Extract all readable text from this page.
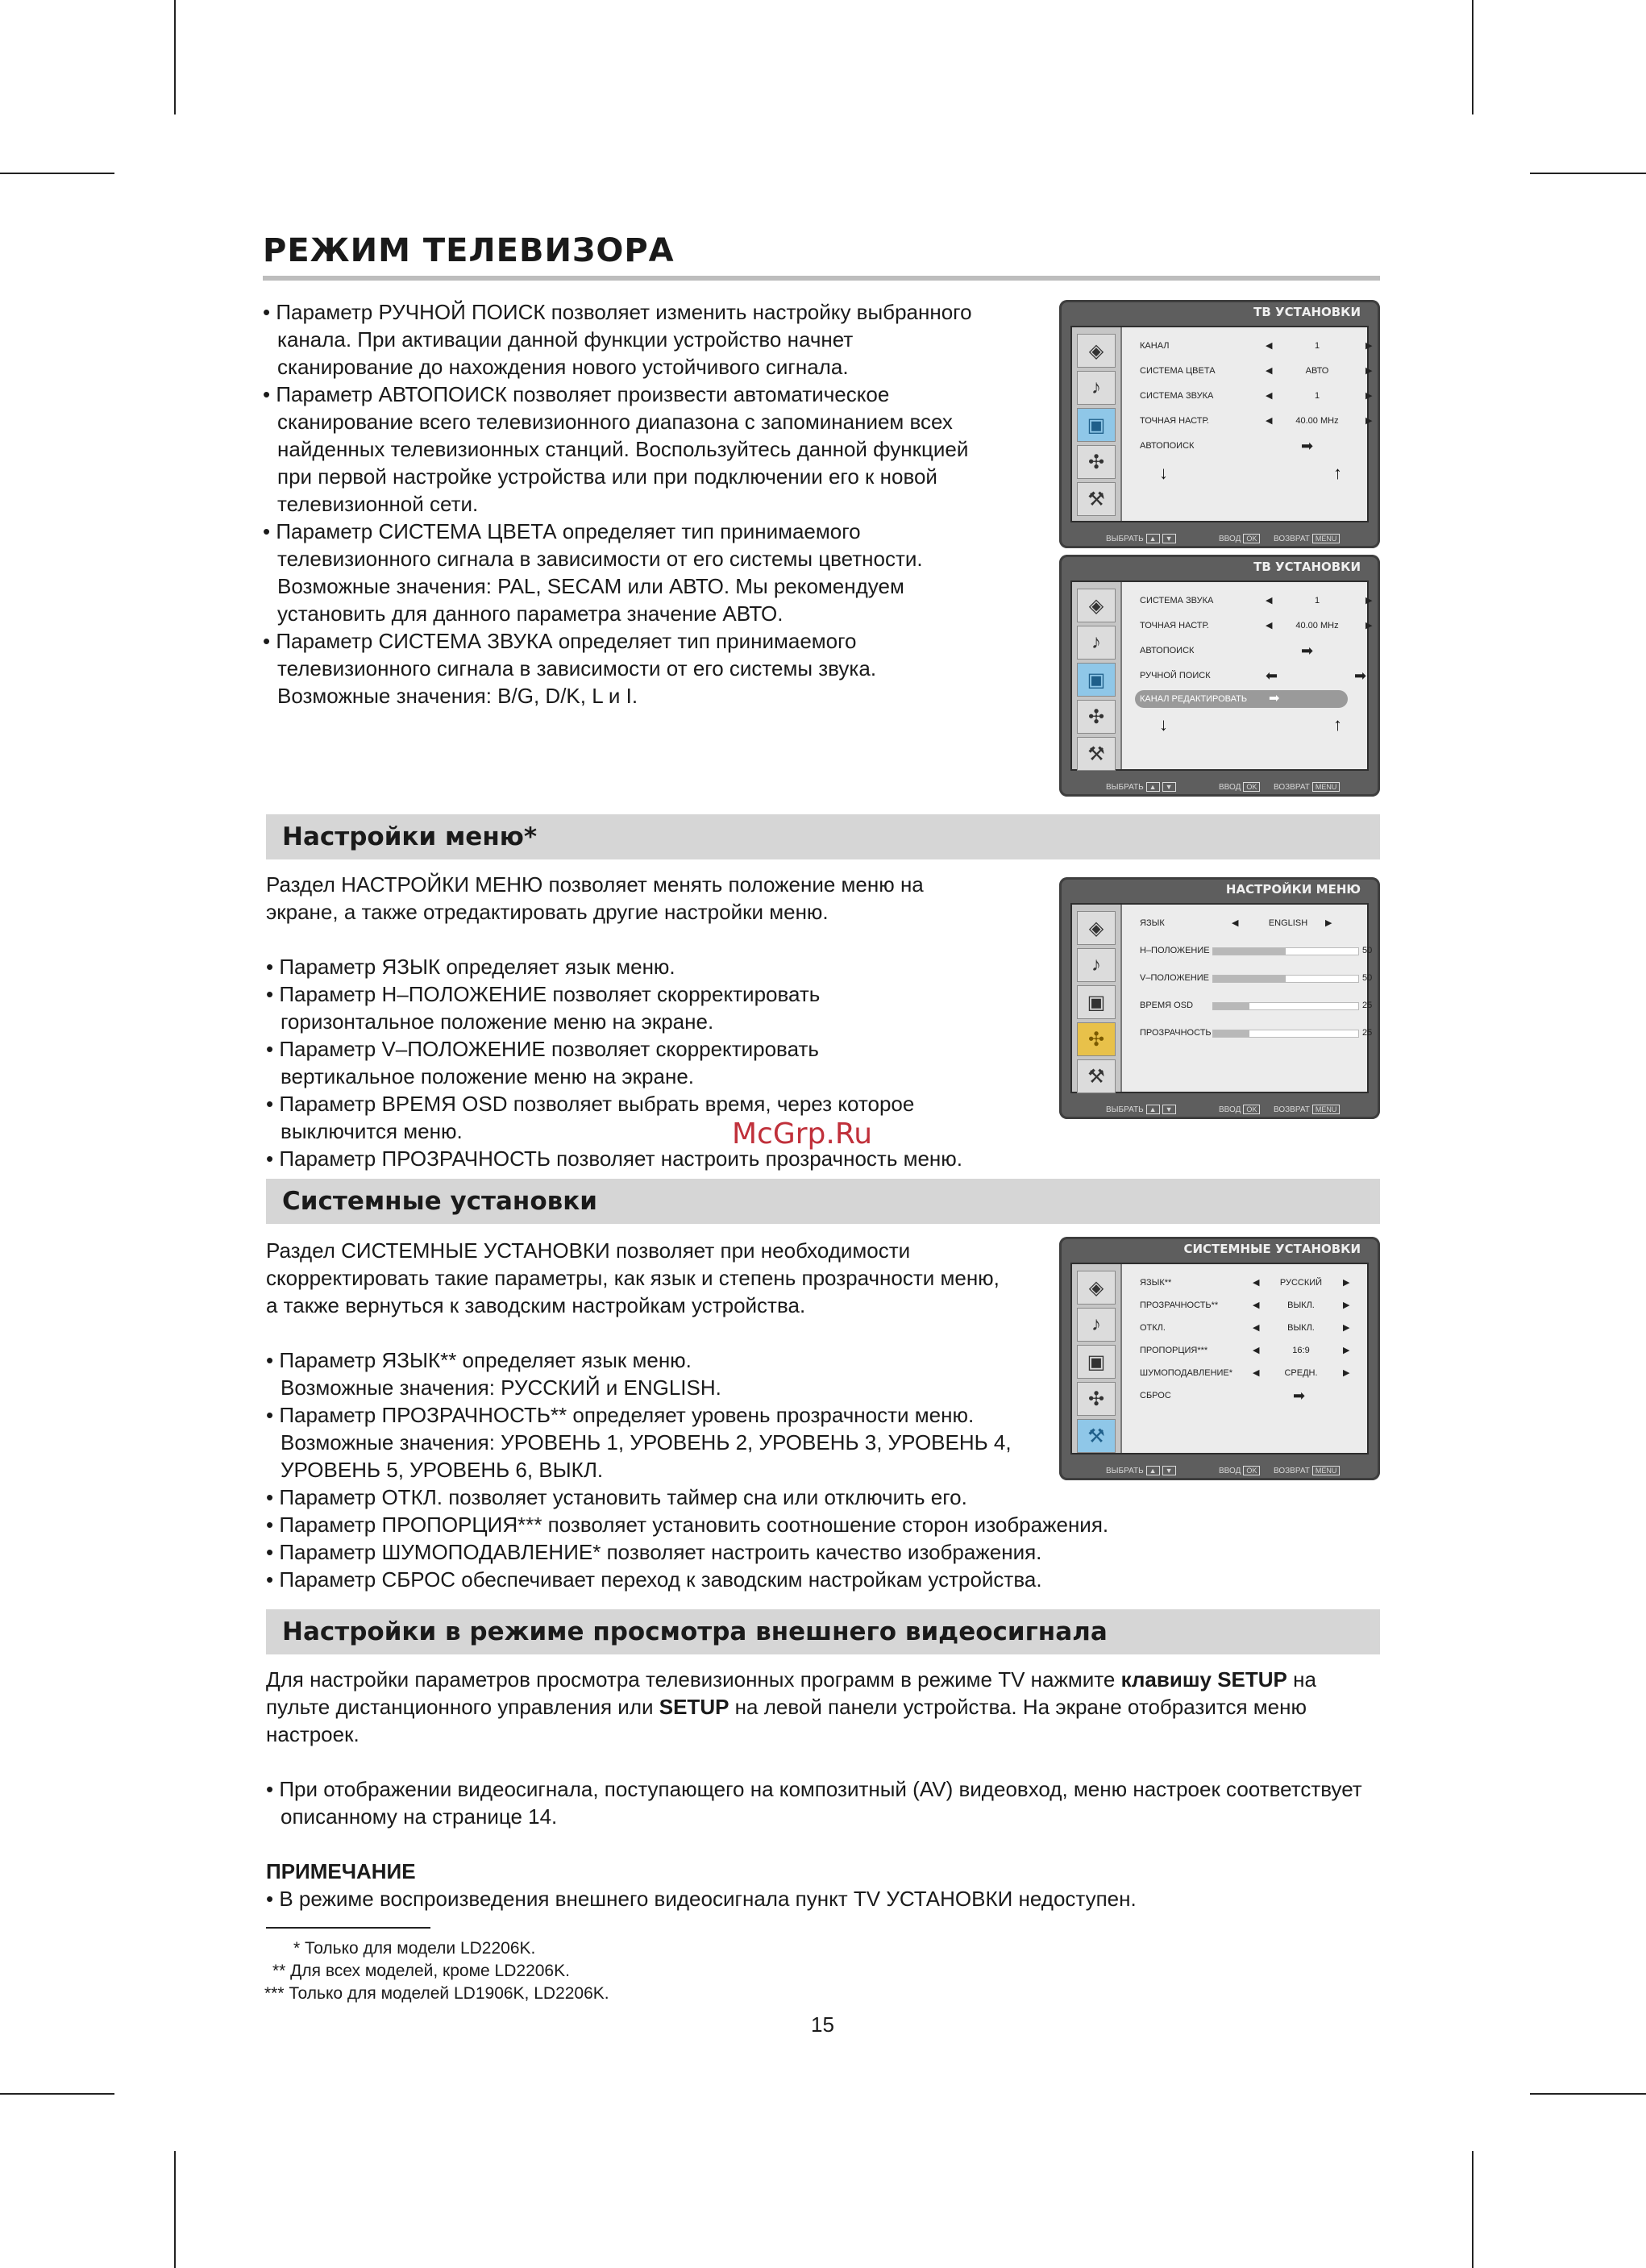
РЕЖИМ ТЕЛЕВИЗОРА

• Параметр РУЧНОЙ ПОИСК позволяет изменить настройку выбранного канала. При активации данной функции устройство начнет сканирование до нахождения нового устойчивого сигнала.

• Параметр АВТОПОИСК позволяет произвести автоматическое сканирование всего телевизионного диапазона с запоминанием всех найденных телевизионных станций. Воспользуйтесь данной функцией при первой настройке устройства или при подключении его к новой телевизионной сети.

• Параметр СИСТЕМА ЦВЕТА определяет тип принимаемого телевизионного сигнала в зависимости от его системы цветности. Возможные значения: PAL, SECAM или АВТО. Мы рекомендуем установить для данного параметра значение АВТО.

• Параметр СИСТЕМА ЗВУКА определяет тип принимаемого телевизионного сигнала в зависимости от его системы звука. Возможные значения: B/G, D/K, L и I.

ТВ УСТАНОВКИ
◈
♪
▣
✣
⚒
КАНАЛ	◀	1	▶
СИСТЕМА ЦВЕТА	◀	АВТО	▶
СИСТЕМА ЗВУКА	◀	1	▶
ТОЧНАЯ НАСТР.	◀	40.00 MHz	▶
АВТОПОИСК	➡
↓	↑
ВЫБРАТЬ ▲ ▼	ВВОД OK	ВОЗВРАТ MENU
ТВ УСТАНОВКИ
◈
♪
▣
✣
⚒
СИСТЕМА ЗВУКА	◀	1	▶
ТОЧНАЯ НАСТР.	◀	40.00 MHz	▶
АВТОПОИСК	➡
РУЧНОЙ ПОИСК	⬅	➡
КАНАЛ РЕДАКТИРОВАТЬ ➡
↓	↑
ВЫБРАТЬ ▲ ▼	ВВОД OK	ВОЗВРАТ MENU
Настройки меню*

Раздел НАСТРОЙКИ МЕНЮ позволяет менять положение меню на экране, а также отредактировать другие настройки меню.

• Параметр ЯЗЫК определяет язык меню.

• Параметр H–ПОЛОЖЕНИЕ позволяет скорректировать горизонтальное положение меню на экране.

• Параметр V–ПОЛОЖЕНИЕ позволяет скорректировать вертикальное положение меню на экране.

• Параметр ВРЕМЯ OSD позволяет выбрать время, через которое выключится меню.

• Параметр ПРОЗРАЧНОСТЬ позволяет настроить прозрачность меню.

НАСТРОЙКИ МЕНЮ
◈
♪
▣
✣
⚒
ЯЗЫК	◀	ENGLISH	▶
H–ПОЛОЖЕНИЕ	50
V–ПОЛОЖЕНИЕ	50
ВРЕМЯ OSD	25
ПРОЗРАЧНОСТЬ	25
ВЫБРАТЬ ▲ ▼	ВВОД OK	ВОЗВРАТ MENU
McGrp.Ru
Системные установки

Раздел СИСТЕМНЫЕ УСТАНОВКИ позволяет при необходимости скорректировать такие параметры, как язык и степень прозрачности меню, а также вернуться к заводским настройкам устройства.

• Параметр ЯЗЫК** определяет язык меню. Возможные значения: РУССКИЙ и ENGLISH.

• Параметр ПРОЗРАЧНОСТЬ** определяет уровень прозрачности меню. Возможные значения: УРОВЕНЬ 1, УРОВЕНЬ 2, УРОВЕНЬ 3, УРОВЕНЬ 4, УРОВЕНЬ 5, УРОВЕНЬ 6, ВЫКЛ.

• Параметр ОТКЛ. позволяет установить таймер сна или отключить его.

• Параметр ПРОПОРЦИЯ*** позволяет установить соотношение сторон изображения.

• Параметр ШУМОПОДАВЛЕНИЕ* позволяет настроить качество изображения.

• Параметр СБРОС обеспечивает переход к заводским настройкам устройства.

СИСТЕМНЫЕ УСТАНОВКИ
◈
♪
▣
✣
⚒
ЯЗЫК**	◀	РУССКИЙ	▶
ПРОЗРАЧНОСТЬ**	◀	ВЫКЛ.	▶
ОТКЛ.	◀	ВЫКЛ.	▶
ПРОПОРЦИЯ***	◀	16:9	▶
ШУМОПОДАВЛЕНИЕ* ◀	СРЕДН.	▶
СБРОС	➡
ВЫБРАТЬ ▲ ▼	ВВОД OK	ВОЗВРАТ MENU
Настройки в режиме просмотра внешнего видеосигнала

Для настройки параметров просмотра телевизионных программ в режиме TV нажмите клавишу SETUP на пульте дистанционного управления или SETUP на левой панели устройства. На экране отобразится меню настроек.

• При отображении видеосигнала, поступающего на композитный (AV) видеовход, меню настроек соответствует описанному на странице 14.

ПРИМЕЧАНИЕ

• В режиме воспроизведения внешнего видеосигнала пункт TV УСТАНОВКИ недоступен.

* Только для модели LD2206K.
** Для всех моделей, кроме LD2206K.
*** Только для моделей LD1906K, LD2206K.
15
